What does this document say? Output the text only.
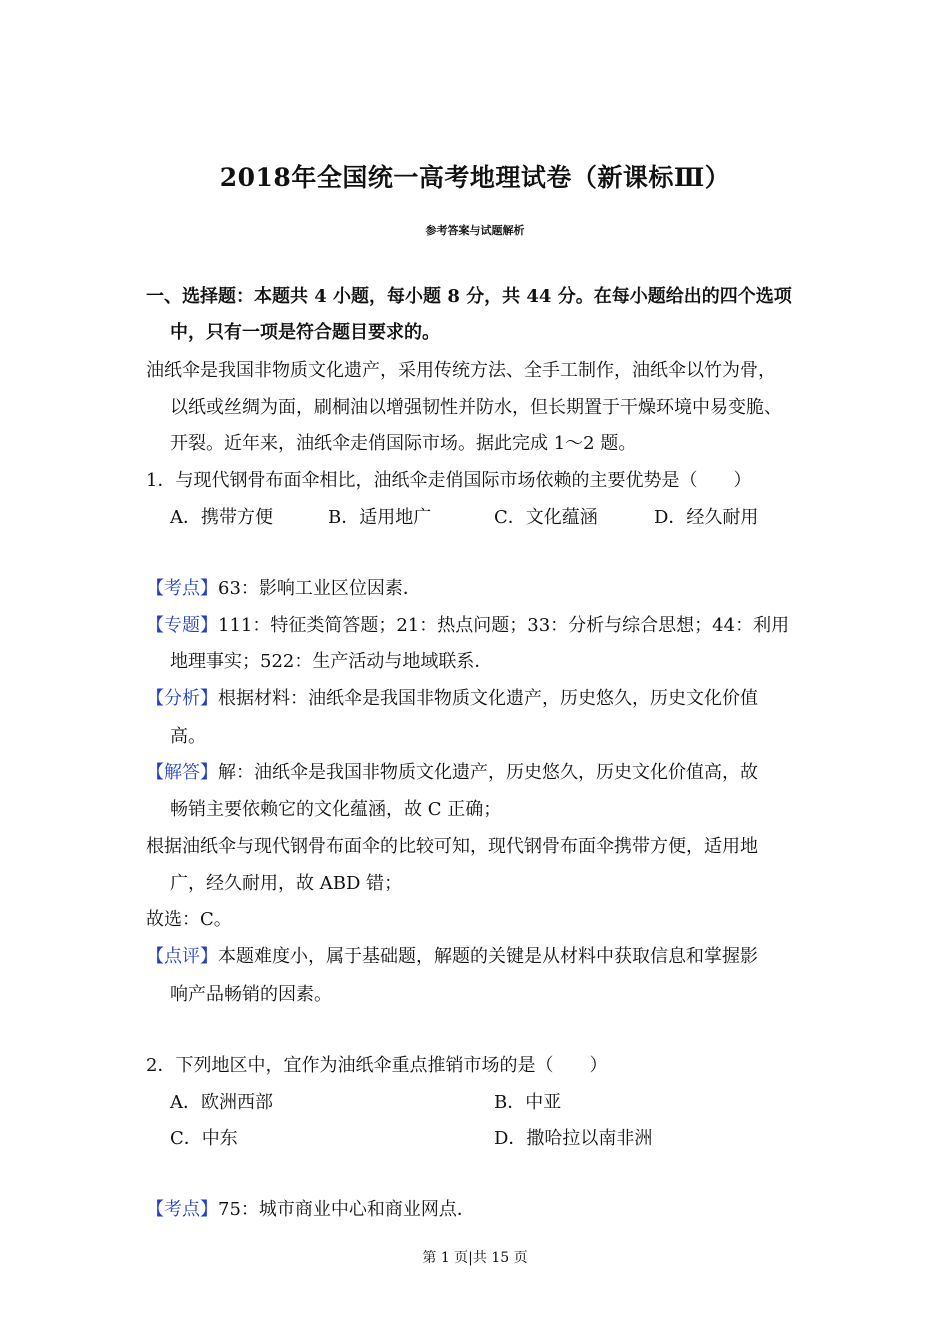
2018年全国统一高考地理试卷（新课标Ⅲ）
参考答案与试题解析
一、选择题：本题共 4 小题，每小题 8 分，共 44 分。在每小题给出的四个选项
中，只有一项是符合题目要求的。
油纸伞是我国非物质文化遗产，采用传统方法、全手工制作，油纸伞以竹为骨，
以纸或丝绸为面，刷桐油以增强韧性并防水，但长期置于干燥环境中易变脆、
开裂。近年来，油纸伞走俏国际市场。据此完成 1～2 题。
1．与现代钢骨布面伞相比，油纸伞走俏国际市场依赖的主要优势是（　　）
A．携带方便	B．适用地广	C．文化蕴涵	D．经久耐用
【考点】63：影响工业区位因素．
【专题】111：特征类简答题；21：热点问题；33：分析与综合思想；44：利用
地理事实；522：生产活动与地域联系．
【分析】根据材料：油纸伞是我国非物质文化遗产，历史悠久，历史文化价值
高。
【解答】解：油纸伞是我国非物质文化遗产，历史悠久，历史文化价值高，故
畅销主要依赖它的文化蕴涵，故 C 正确；
根据油纸伞与现代钢骨布面伞的比较可知，现代钢骨布面伞携带方便，适用地
广，经久耐用，故 ABD 错；
故选：C。
【点评】本题难度小，属于基础题，解题的关键是从材料中获取信息和掌握影
响产品畅销的因素。
2．下列地区中，宜作为油纸伞重点推销市场的是（　　）
A．欧洲西部	B．中亚
C．中东	D．撒哈拉以南非洲
【考点】75：城市商业中心和商业网点．
第 1 页|共 15 页
